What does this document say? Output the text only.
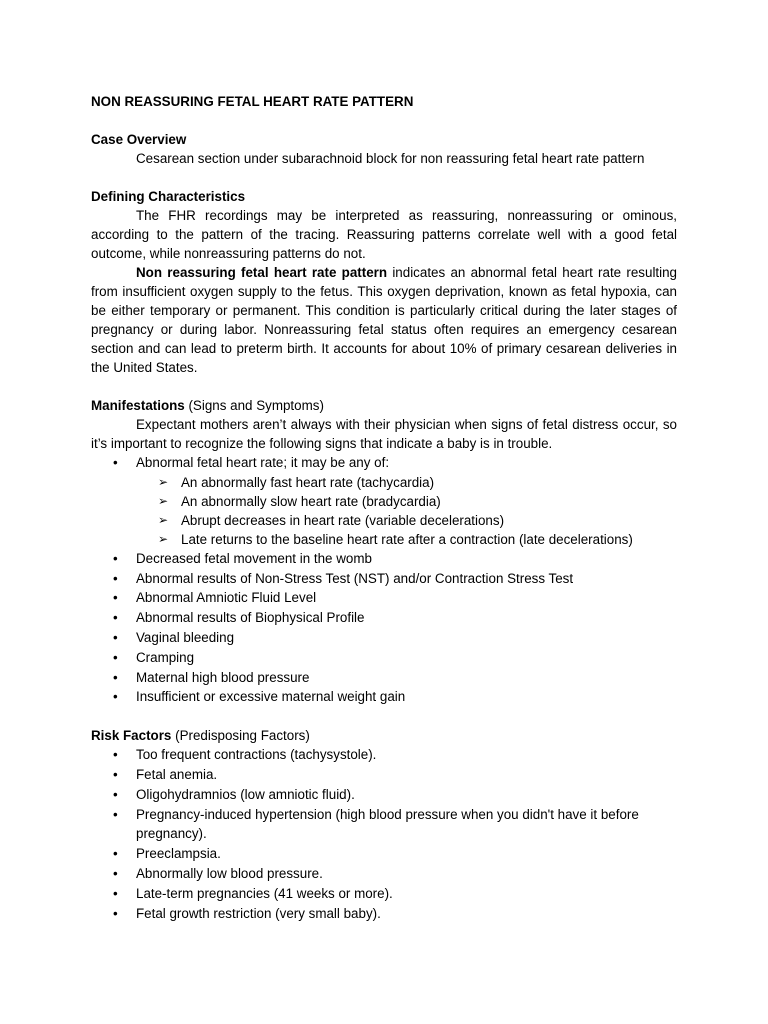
NON REASSURING FETAL HEART RATE PATTERN

Case Overview

Cesarean section under subarachnoid block for non reassuring fetal heart rate pattern

Defining Characteristics

The FHR recordings may be interpreted as reassuring, nonreassuring or ominous, according to the pattern of the tracing. Reassuring patterns correlate well with a good fetal outcome, while nonreassuring patterns do not.

Non reassuring fetal heart rate pattern indicates an abnormal fetal heart rate resulting from insufficient oxygen supply to the fetus. This oxygen deprivation, known as fetal hypoxia, can be either temporary or permanent. This condition is particularly critical during the later stages of pregnancy or during labor. Nonreassuring fetal status often requires an emergency cesarean section and can lead to preterm birth. It accounts for about 10% of primary cesarean deliveries in the United States.

Manifestations (Signs and Symptoms)

Expectant mothers aren’t always with their physician when signs of fetal distress occur, so it’s important to recognize the following signs that indicate a baby is in trouble.

• Abnormal fetal heart rate; it may be any of:
➢ An abnormally fast heart rate (tachycardia)
➢ An abnormally slow heart rate (bradycardia)
➢ Abrupt decreases in heart rate (variable decelerations)
➢ Late returns to the baseline heart rate after a contraction (late decelerations)
• Decreased fetal movement in the womb
• Abnormal results of Non-Stress Test (NST) and/or Contraction Stress Test
• Abnormal Amniotic Fluid Level
• Abnormal results of Biophysical Profile
• Vaginal bleeding
• Cramping
• Maternal high blood pressure
• Insufficient or excessive maternal weight gain

Risk Factors (Predisposing Factors)

• Too frequent contractions (tachysystole).
• Fetal anemia.
• Oligohydramnios (low amniotic fluid).
• Pregnancy-induced hypertension (high blood pressure when you didn't have it before pregnancy).
• Preeclampsia.
• Abnormally low blood pressure.
• Late-term pregnancies (41 weeks or more).
• Fetal growth restriction (very small baby).
